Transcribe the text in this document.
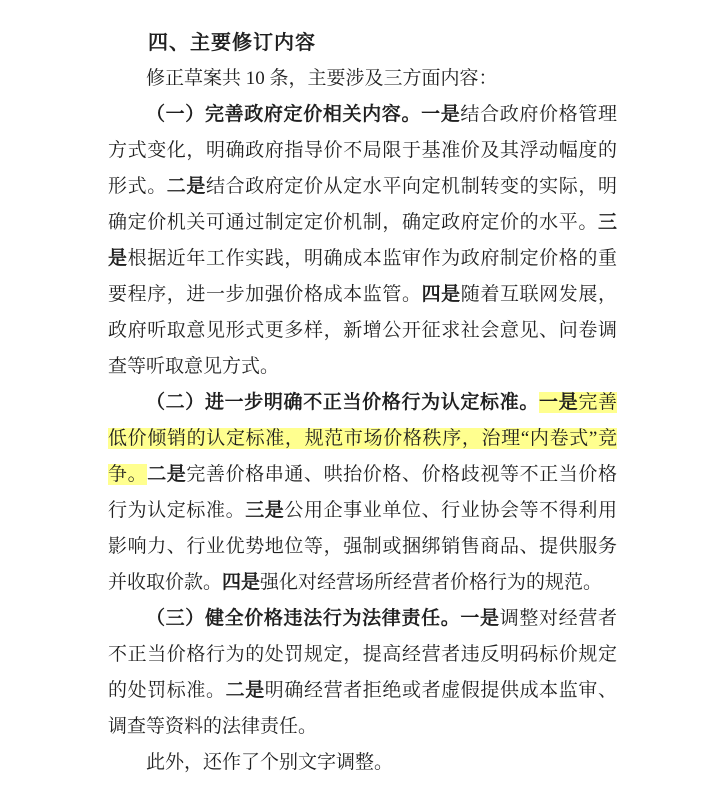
四、主要修订内容

修正草案共 10 条，主要涉及三方面内容：

（一）完善政府定价相关内容。一是结合政府价格管理方式变化，明确政府指导价不局限于基准价及其浮动幅度的形式。二是结合政府定价从定水平向定机制转变的实际，明确定价机关可通过制定定价机制，确定政府定价的水平。三是根据近年工作实践，明确成本监审作为政府制定价格的重要程序，进一步加强价格成本监管。四是随着互联网发展，政府听取意见形式更多样，新增公开征求社会意见、问卷调查等听取意见方式。

（二）进一步明确不正当价格行为认定标准。一是完善低价倾销的认定标准，规范市场价格秩序，治理“内卷式”竞争。二是完善价格串通、哄抬价格、价格歧视等不正当价格行为认定标准。三是公用企事业单位、行业协会等不得利用影响力、行业优势地位等，强制或捆绑销售商品、提供服务并收取价款。四是强化对经营场所经营者价格行为的规范。

（三）健全价格违法行为法律责任。一是调整对经营者不正当价格行为的处罚规定，提高经营者违反明码标价规定的处罚标准。二是明确经营者拒绝或者虚假提供成本监审、调查等资料的法律责任。

此外，还作了个别文字调整。
